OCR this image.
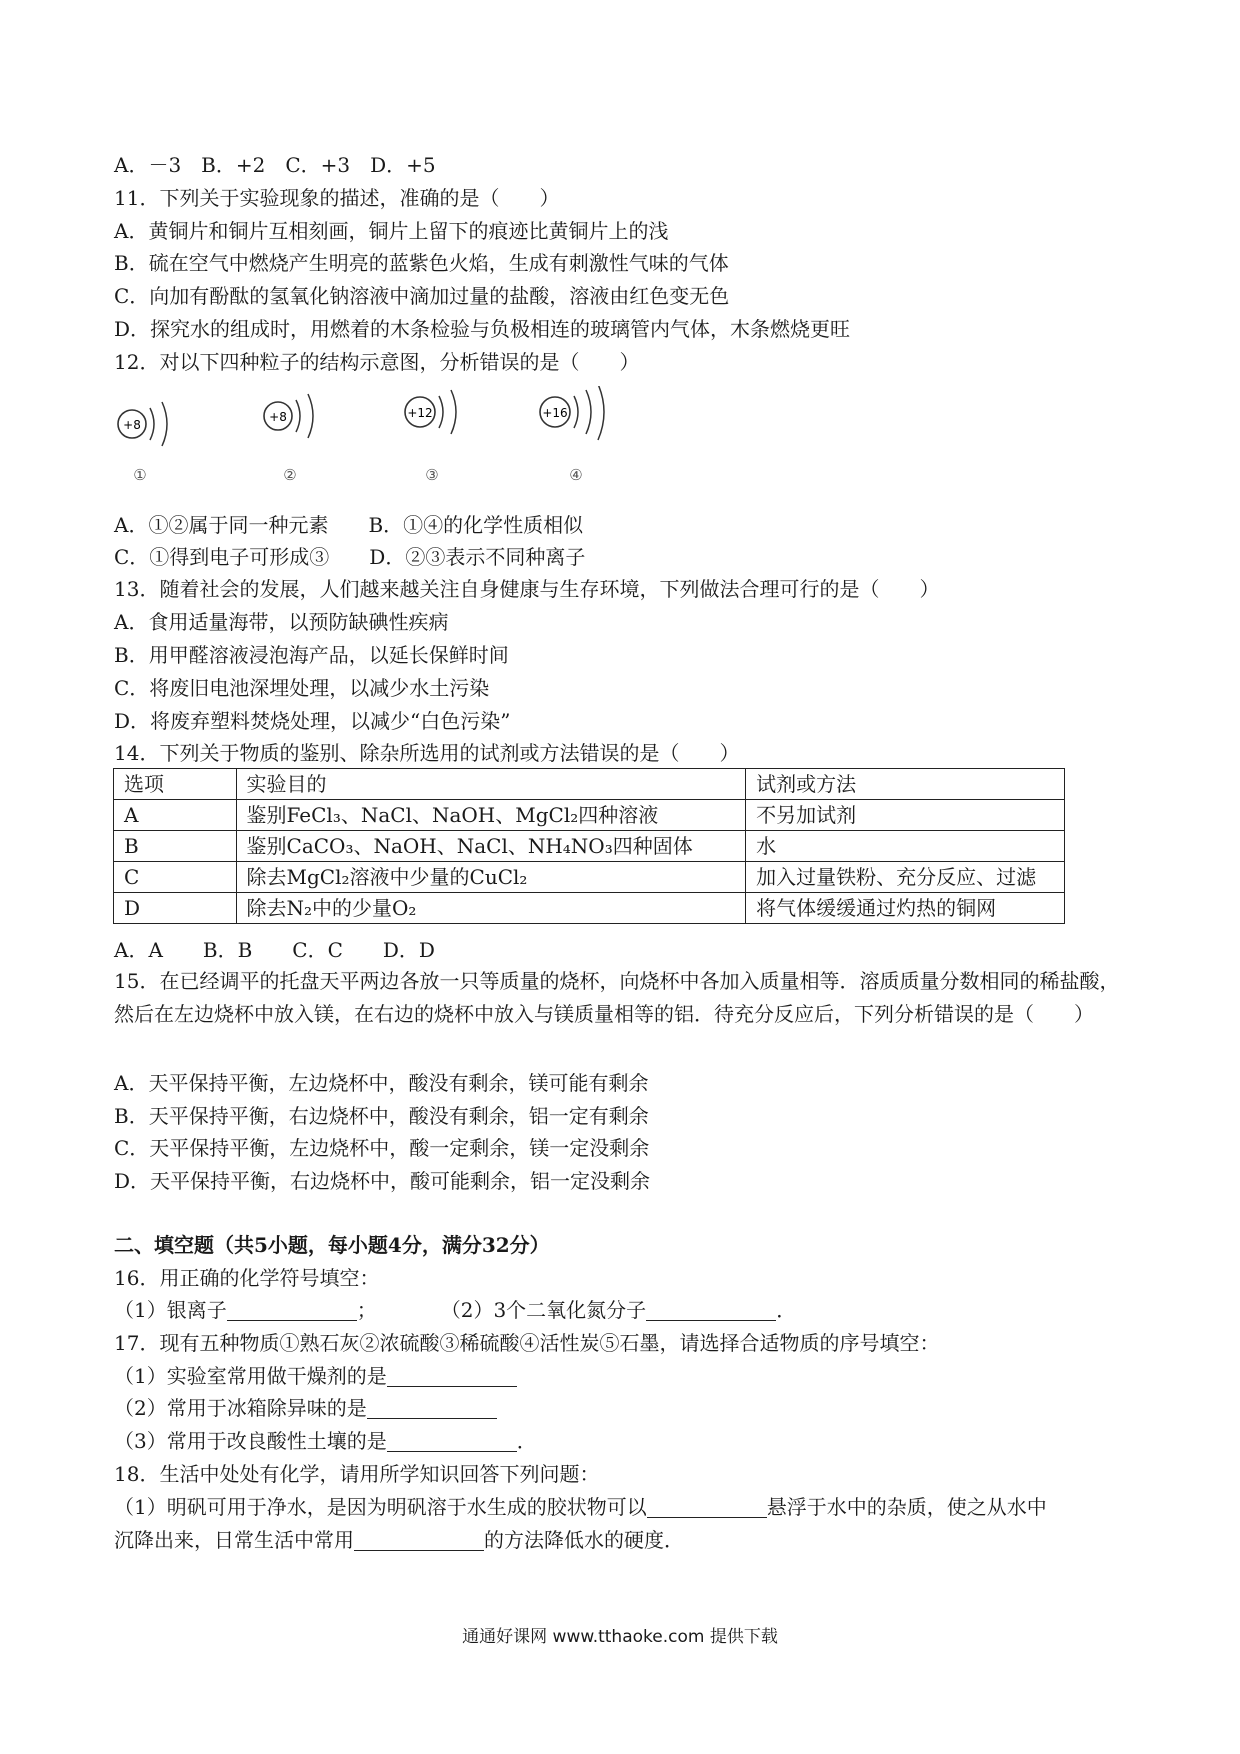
A．－3　B．+2　C．+3　D．+5
11．下列关于实验现象的描述，准确的是（　　）
A．黄铜片和铜片互相刻画，铜片上留下的痕迹比黄铜片上的浅
B．硫在空气中燃烧产生明亮的蓝紫色火焰，生成有刺激性气味的气体
C．向加有酚酞的氢氧化钠溶液中滴加过量的盐酸，溶液由红色变无色
D．探究水的组成时，用燃着的木条检验与负极相连的玻璃管内气体，木条燃烧更旺
12．对以下四种粒子的结构示意图，分析错误的是（　　）
+8
①
+8
②
+12
③
+16
④
A．①②属于同一种元素　　B．①④的化学性质相似
C．①得到电子可形成③　　D．②③表示不同种离子
13．随着社会的发展，人们越来越关注自身健康与生存环境，下列做法合理可行的是（　　）
A．食用适量海带，以预防缺碘性疾病
B．用甲醛溶液浸泡海产品，以延长保鲜时间
C．将废旧电池深埋处理，以减少水土污染
D．将废弃塑料焚烧处理，以减少“白色污染”
14．下列关于物质的鉴别、除杂所选用的试剂或方法错误的是（　　）
选项	实验目的	试剂或方法
A	鉴别FeCl₃、NaCl、NaOH、MgCl₂四种溶液	不另加试剂
B	鉴别CaCO₃、NaOH、NaCl、NH₄NO₃四种固体	水
C	除去MgCl₂溶液中少量的CuCl₂	加入过量铁粉、充分反应、过滤
D	除去N₂中的少量O₂	将气体缓缓通过灼热的铜网
A．A　　B．B　　C．C　　D．D
15．在已经调平的托盘天平两边各放一只等质量的烧杯，向烧杯中各加入质量相等．溶质质量分数相同的稀盐酸，然后在左边烧杯中放入镁，在右边的烧杯中放入与镁质量相等的铝．待充分反应后，下列分析错误的是（　　）
A．天平保持平衡，左边烧杯中，酸没有剩余，镁可能有剩余
B．天平保持平衡，右边烧杯中，酸没有剩余，铝一定有剩余
C．天平保持平衡，左边烧杯中，酸一定剩余，镁一定没剩余
D．天平保持平衡，右边烧杯中，酸可能剩余，铝一定没剩余
二、填空题（共5小题，每小题4分，满分32分）
16．用正确的化学符号填空：
（1）银离子	；	（2）3个二氧化氮分子	．
17．现有五种物质①熟石灰②浓硫酸③稀硫酸④活性炭⑤石墨，请选择合适物质的序号填空：
（1）实验室常用做干燥剂的是
（2）常用于冰箱除异味的是
（3）常用于改良酸性土壤的是	．
18．生活中处处有化学，请用所学知识回答下列问题：
（1）明矾可用于净水，是因为明矾溶于水生成的胶状物可以	悬浮于水中的杂质，使之从水中
沉降出来，日常生活中常用	的方法降低水的硬度．
通通好课网 www.tthaoke.com 提供下载
